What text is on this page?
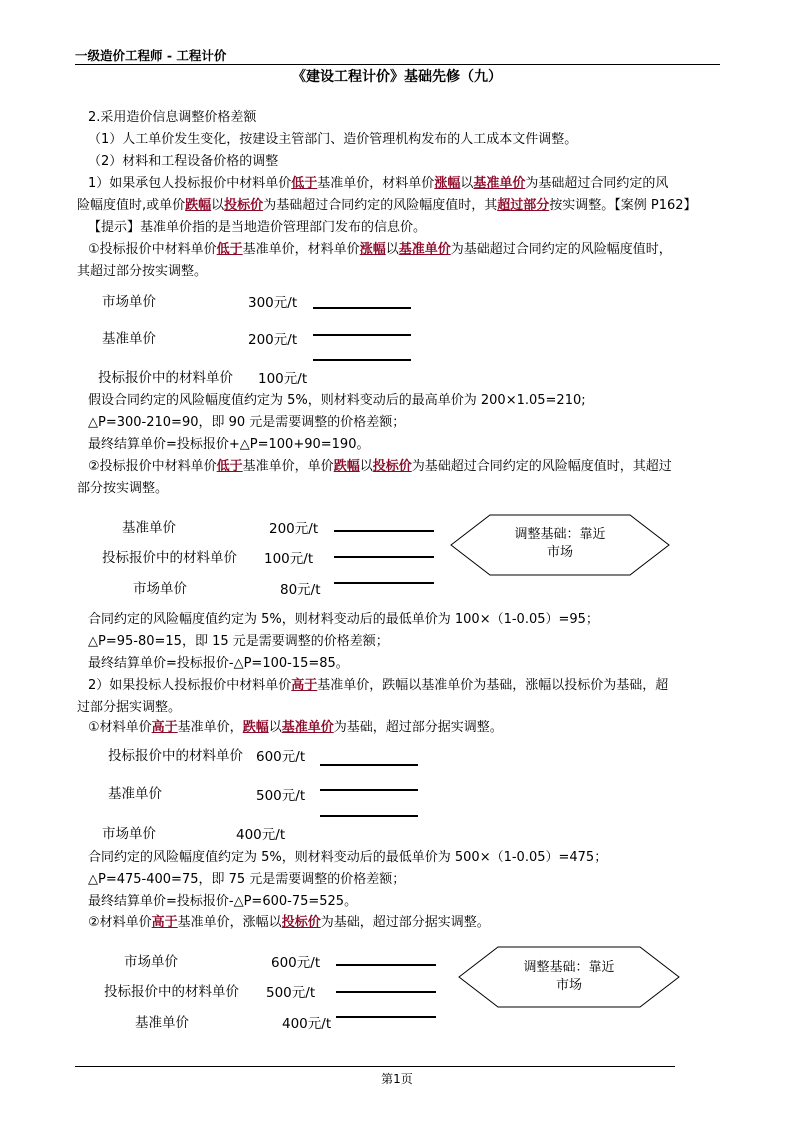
一级造价工程师 - 工程计价
《建设工程计价》基础先修（九）
2.采用造价信息调整价格差额
（1）人工单价发生变化，按建设主管部门、造价管理机构发布的人工成本文件调整。
（2）材料和工程设备价格的调整
1）如果承包人投标报价中材料单价低于基准单价，材料单价涨幅以基准单价为基础超过合同约定的风
险幅度值时,或单价跌幅以投标价为基础超过合同约定的风险幅度值时，其超过部分按实调整。【案例 P162】
【提示】基准单价指的是当地造价管理部门发布的信息价。
①投标报价中材料单价低于基准单价，材料单价涨幅以基准单价为基础超过合同约定的风险幅度值时，
其超过部分按实调整。
市场单价	300元/t
基准单价	200元/t
投标报价中的材料单价 100元/t
假设合同约定的风险幅度值约定为 5%，则材料变动后的最高单价为 200×1.05=210;
△P=300-210=90，即 90 元是需要调整的价格差额；
最终结算单价=投标报价+△P=100+90=190。
②投标报价中材料单价低于基准单价，单价跌幅以投标价为基础超过合同约定的风险幅度值时，其超过
部分按实调整。
基准单价	200元/t
投标报价中的材料单价 100元/t
市场单价	80元/t
调整基础：靠近
市场
合同约定的风险幅度值约定为 5%，则材料变动后的最低单价为 100×（1-0.05）=95；
△P=95-80=15，即 15 元是需要调整的价格差额；
最终结算单价=投标报价-△P=100-15=85。
2）如果投标人投标报价中材料单价高于基准单价，跌幅以基准单价为基础，涨幅以投标价为基础，超
过部分据实调整。
①材料单价高于基准单价，跌幅以基准单价为基础，超过部分据实调整。
投标报价中的材料单价 600元/t
基准单价	500元/t
市场单价	400元/t
合同约定的风险幅度值约定为 5%，则材料变动后的最低单价为 500×（1-0.05）=475；
△P=475-400=75，即 75 元是需要调整的价格差额；
最终结算单价=投标报价-△P=600-75=525。
②材料单价高于基准单价，涨幅以投标价为基础，超过部分据实调整。
市场单价	600元/t
投标报价中的材料单价 500元/t
基准单价	400元/t
调整基础：靠近
市场
第1页
